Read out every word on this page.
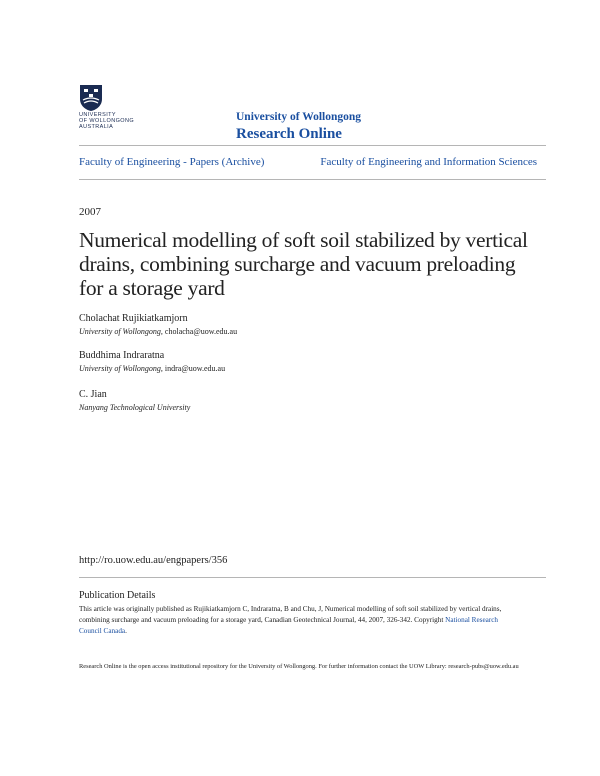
UNIVERSITY
OF WOLLONGONG
AUSTRALIA
University of Wollongong
Research Online
Faculty of Engineering - Papers (Archive)	Faculty of Engineering and Information Sciences
2007
Numerical modelling of soft soil stabilized by vertical drains, combining surcharge and vacuum preloading for a storage yard
Cholachat Rujikiatkamjorn
University of Wollongong, cholacha@uow.edu.au
Buddhima Indraratna
University of Wollongong, indra@uow.edu.au
C. Jian
Nanyang Technological University
http://ro.uow.edu.au/engpapers/356
Publication Details
This article was originally published as Rujikiatkamjorn C, Indraratna, B and Chu, J, Numerical modelling of soft soil stabilized by vertical drains, combining surcharge and vacuum preloading for a storage yard, Canadian Geotechnical Journal, 44, 2007, 326-342. Copyright National Research Council Canada.
Research Online is the open access institutional repository for the University of Wollongong. For further information contact the UOW Library: research-pubs@uow.edu.au
